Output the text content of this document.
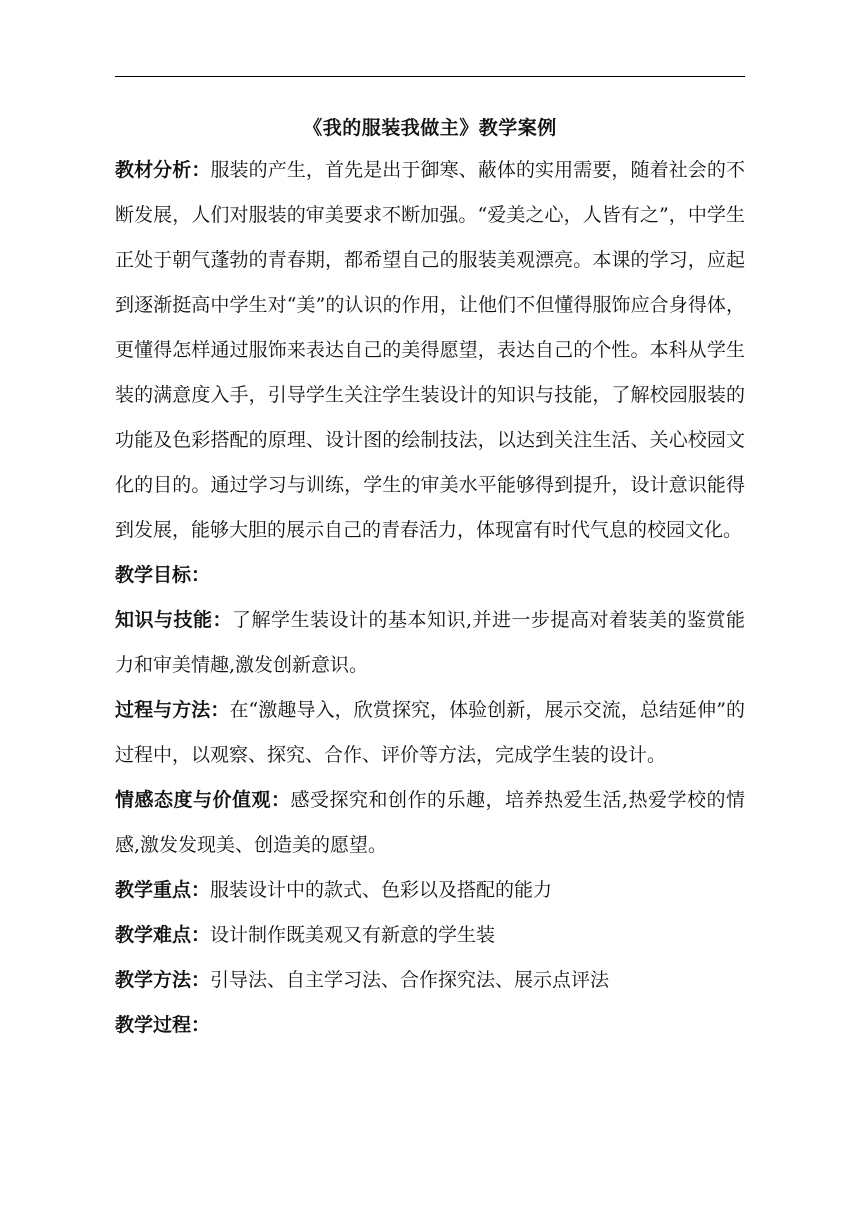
《我的服装我做主》教学案例

教材分析：服装的产生，首先是出于御寒、蔽体的实用需要，随着社会的不断发展，人们对服装的审美要求不断加强。“爱美之心，人皆有之”，中学生正处于朝气蓬勃的青春期，都希望自己的服装美观漂亮。本课的学习，应起到逐渐挺高中学生对“美”的认识的作用，让他们不但懂得服饰应合身得体，更懂得怎样通过服饰来表达自己的美得愿望，表达自己的个性。本科从学生装的满意度入手，引导学生关注学生装设计的知识与技能，了解校园服装的功能及色彩搭配的原理、设计图的绘制技法，以达到关注生活、关心校园文化的目的。通过学习与训练，学生的审美水平能够得到提升，设计意识能得到发展，能够大胆的展示自己的青春活力，体现富有时代气息的校园文化。

教学目标：

知识与技能：了解学生装设计的基本知识,并进一步提高对着装美的鉴赏能力和审美情趣,激发创新意识。

过程与方法：在“激趣导入，欣赏探究，体验创新，展示交流，总结延伸”的过程中，以观察、探究、合作、评价等方法，完成学生装的设计。

情感态度与价值观：感受探究和创作的乐趣，培养热爱生活,热爱学校的情感,激发发现美、创造美的愿望。

教学重点：服装设计中的款式、色彩以及搭配的能力

教学难点：设计制作既美观又有新意的学生装

教学方法：引导法、自主学习法、合作探究法、展示点评法

教学过程：
